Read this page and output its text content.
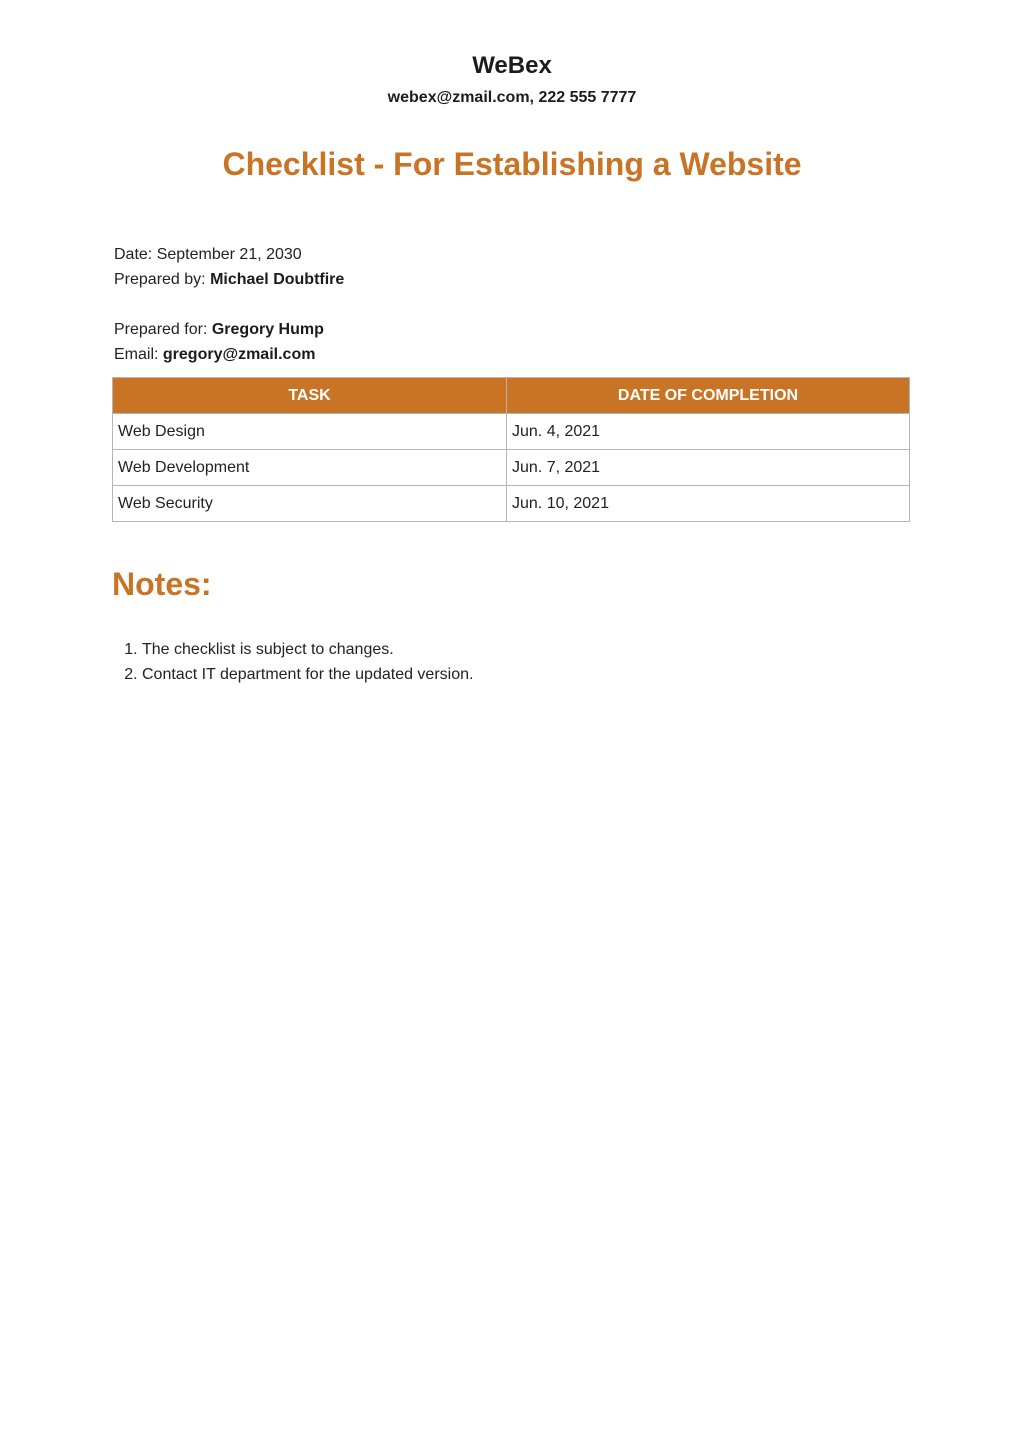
WeBex
webex@zmail.com, 222 555 7777
Checklist - For Establishing a Website
Date: September 21, 2030
Prepared by: Michael Doubtfire
Prepared for: Gregory Hump
Email: gregory@zmail.com
TASK	DATE OF COMPLETION
Web Design	Jun. 4, 2021
Web Development	Jun. 7, 2021
Web Security	Jun. 10, 2021
Notes:
1. The checklist is subject to changes.
2. Contact IT department for the updated version.
